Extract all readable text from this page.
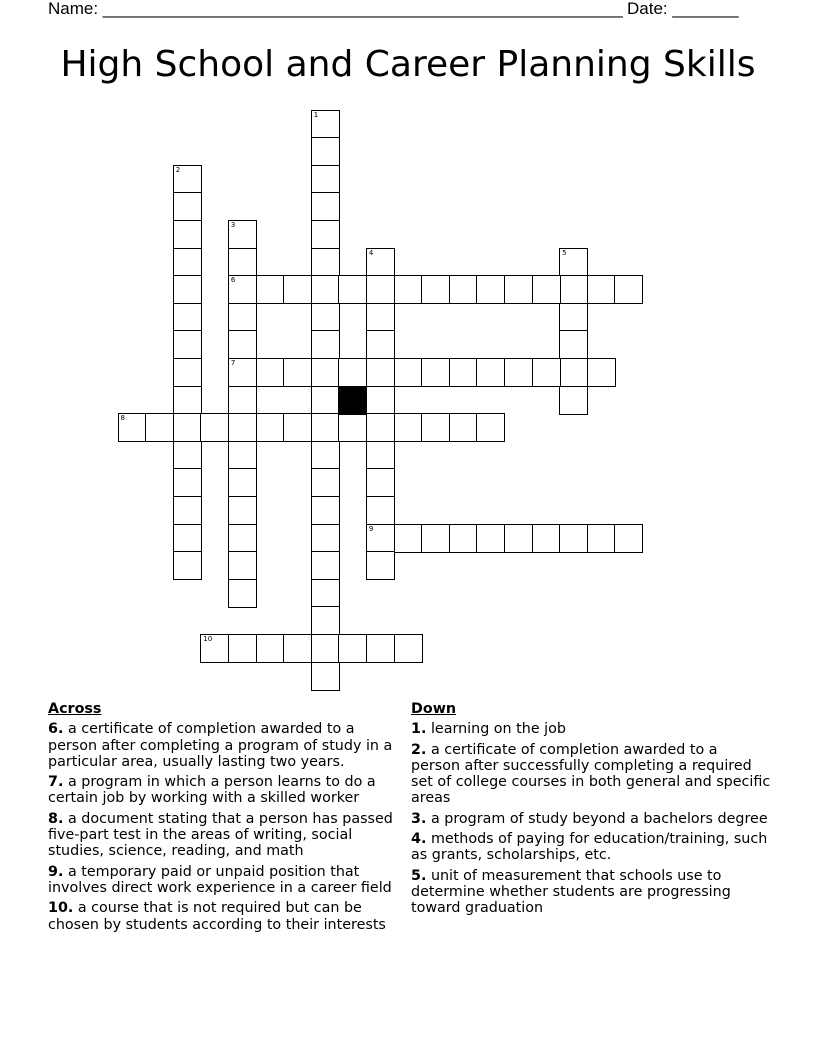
Name: _______________________________________________________ Date: _______
High School and Career Planning Skills
1
2
3
6
7
4
9
5
8
10
Across
6. a certificate of completion awarded to a person after completing a program of study in a particular area, usually lasting two years.
7. a program in which a person learns to do a certain job by working with a skilled worker
8. a document stating that a person has passed five-part test in the areas of writing, social studies, science, reading, and math
9. a temporary paid or unpaid position that involves direct work experience in a career field
10. a course that is not required but can be chosen by students according to their interests
Down
1. learning on the job
2. a certificate of completion awarded to a person after successfully completing a required set of college courses in both general and specific areas
3. a program of study beyond a bachelors degree
4. methods of paying for education/training, such as grants, scholarships, etc.
5. unit of measurement that schools use to determine whether students are progressing toward graduation
